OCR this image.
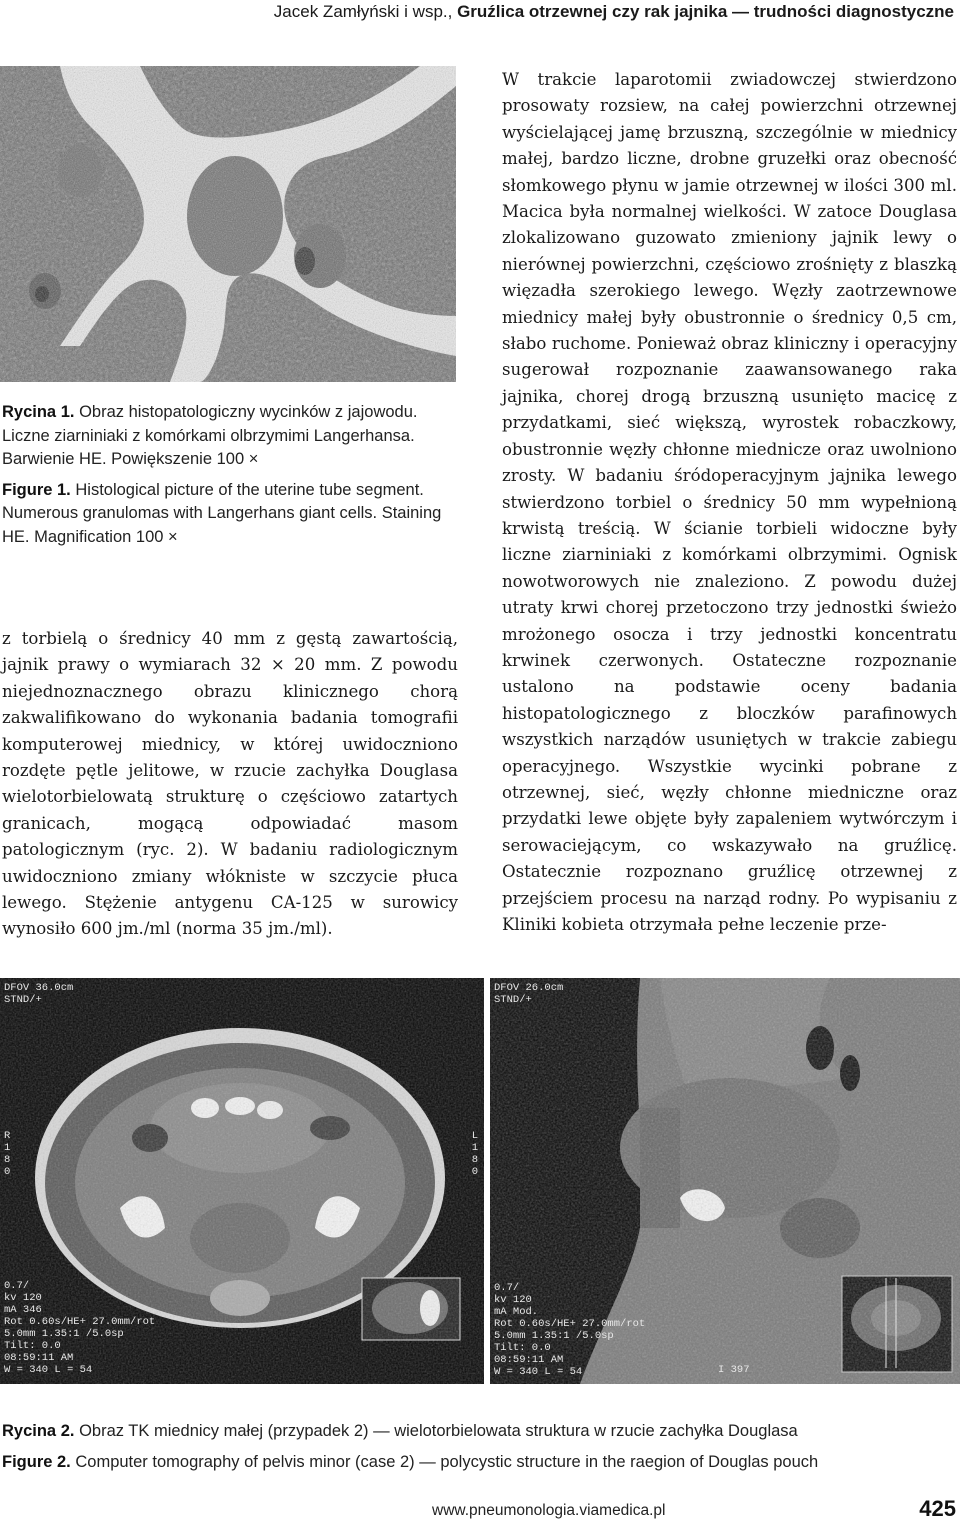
Jacek Zamłyński i wsp., Gruźlica otrzewnej czy rak jajnika — trudności diagnostyczne

Rycina 1. Obraz histopatologiczny wycinków z jajowodu. Liczne ziarniniaki z komórkami olbrzymimi Langerhansa. Barwienie HE. Powiększenie 100 ×

Figure 1. Histological picture of the uterine tube segment. Numerous granulomas with Langerhans giant cells. Staining HE. Magnification 100 ×

z torbielą o średnicy 40 mm z gęstą zawartością, jajnik prawy o wymiarach 32 × 20 mm. Z powodu niejednoznacznego obrazu klinicznego chorą zakwalifikowano do wykonania badania tomografii komputerowej miednicy, w której uwidoczniono rozdęte pętle jelitowe, w rzucie zachyłka Douglasa wielotorbielowatą strukturę o częściowo zatartych granicach, mogącą odpowiadać masom patologicznym (ryc. 2). W badaniu radiologicznym uwidoczniono zmiany włókniste w szczycie płuca lewego. Stężenie antygenu CA-125 w surowicy wynosiło 600 jm./ml (norma 35 jm./ml).

W trakcie laparotomii zwiadowczej stwierdzono prosowaty rozsiew, na całej powierzchni otrzewnej wyścielającej jamę brzuszną, szczególnie w miednicy małej, bardzo liczne, drobne gruzełki oraz obecność słomkowego płynu w jamie otrzewnej w ilości 300 ml. Macica była normalnej wielkości. W zatoce Douglasa zlokalizowano guzowato zmieniony jajnik lewy o nierównej powierzchni, częściowo zrośnięty z blaszką więzadła szerokiego lewego. Węzły zaotrzewnowe miednicy małej były obustronnie o średnicy 0,5 cm, słabo ruchome. Ponieważ obraz kliniczny i operacyjny sugerował rozpoznanie zaawansowanego raka jajnika, chorej drogą brzuszną usunięto macicę z przydatkami, sieć większą, wyrostek robaczkowy, obustronnie węzły chłonne miednicze oraz uwolniono zrosty. W badaniu śródoperacyjnym jajnika lewego stwierdzono torbiel o średnicy 50 mm wypełnioną krwistą treścią. W ścianie torbieli widoczne były liczne ziarniniaki z komórkami olbrzymimi. Ognisk nowotworowych nie znaleziono. Z powodu dużej utraty krwi chorej przetoczono trzy jednostki świeżo mrożonego osocza i trzy jednostki koncentratu krwinek czerwonych. Ostateczne rozpoznanie ustalono na podstawie oceny badania histopatologicznego z bloczków parafinowych wszystkich narządów usuniętych w trakcie zabiegu operacyjnego. Wszystkie wycinki pobrane z otrzewnej, sieć, węzły chłonne miedniczne oraz przydatki lewe objęte były zapaleniem wytwórczym i serowaciejącym, co wskazywało na gruźlicę. Ostatecznie rozpoznano gruźlicę otrzewnej z przejściem procesu na narząd rodny. Po wypisaniu z Kliniki kobieta otrzymała pełne leczenie prze-

DFOV 36.0cm
STND/+
L
1
8
0
R
1
8
0
0.7/
kv 120
mA 346
Rot 0.60s/HE+ 27.0mm/rot
5.0mm 1.35:1 /5.0sp
Tilt: 0.0
08:59:11 AM
W = 340 L = 54
DFOV 26.0cm
STND/+
0.7/
kv 120
mA Mod.
Rot 0.60s/HE+ 27.0mm/rot
5.0mm 1.35:1 /5.0sp
Tilt: 0.0
08:59:11 AM
W = 340 L = 54	I 397

Rycina 2. Obraz TK miednicy małej (przypadek 2) — wielotorbielowata struktura w rzucie zachyłka Douglasa

Figure 2. Computer tomography of pelvis minor (case 2) — polycystic structure in the raegion of Douglas pouch

www.pneumonologia.viamedica.pl	425
